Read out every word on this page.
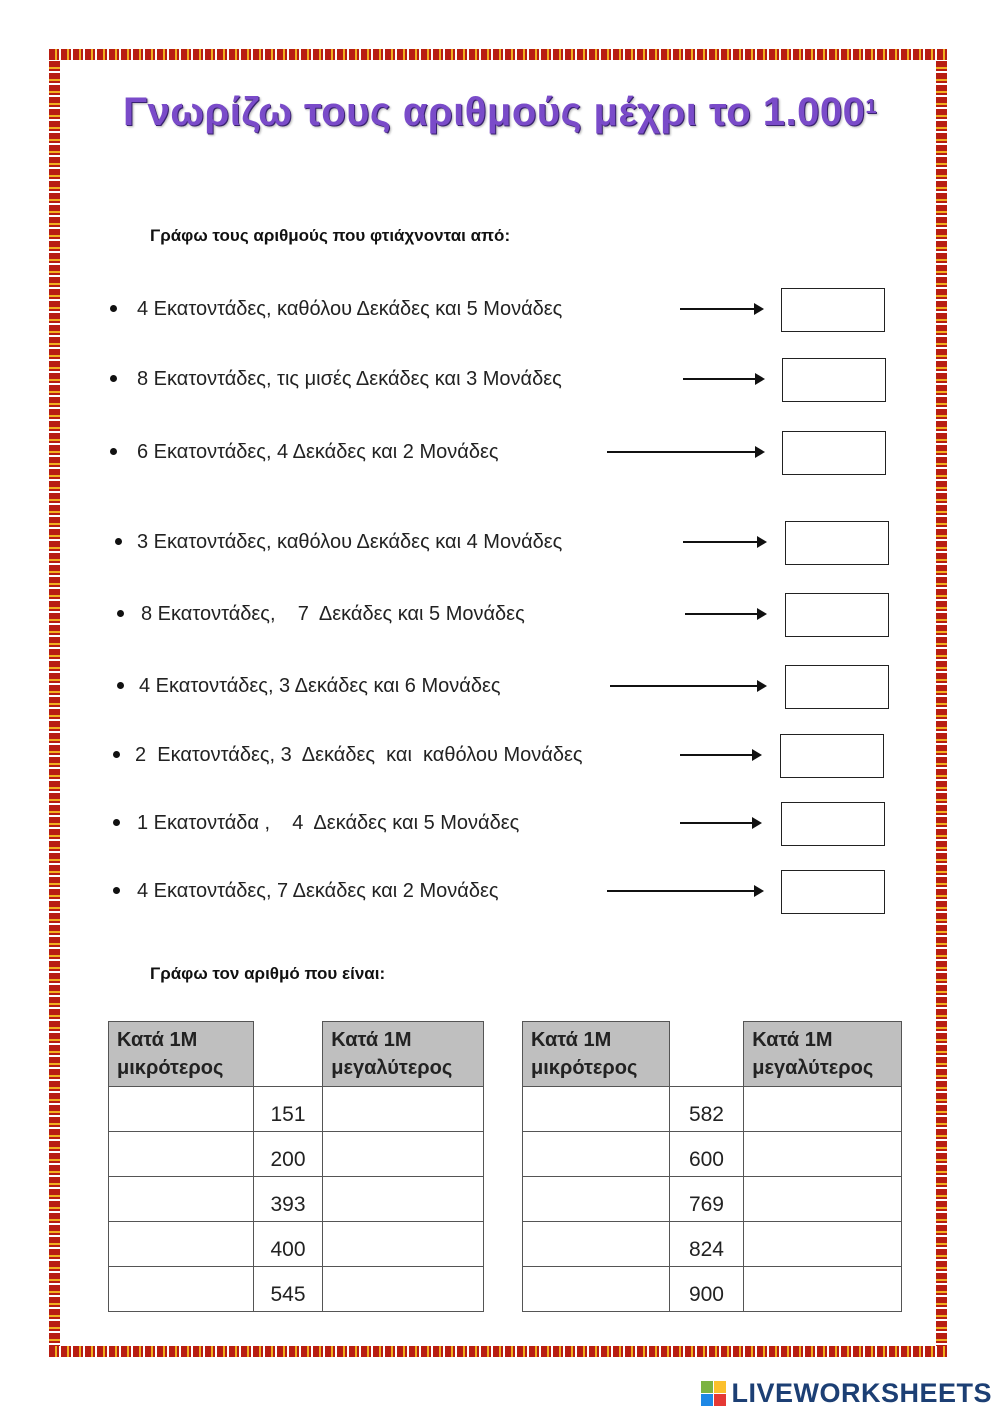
Γνωρίζω τους αριθμούς μέχρι το 1.000$^1$
Γράφω τους αριθμούς που φτιάχνονται από:
4 Εκατοντάδες, καθόλου Δεκάδες και 5 Μονάδες
8 Εκατοντάδες, τις μισές Δεκάδες και 3 Μονάδες
6 Εκατοντάδες, 4 Δεκάδες και 2 Μονάδες
3 Εκατοντάδες, καθόλου Δεκάδες και 4 Μονάδες
8 Εκατοντάδες,    7  Δεκάδες και 5 Μονάδες
4 Εκατοντάδες, 3 Δεκάδες και 6 Μονάδες
2  Εκατοντάδες, 3  Δεκάδες  και  καθόλου Μονάδες
1 Εκατοντάδα ,    4  Δεκάδες και 5 Μονάδες
4 Εκατοντάδες, 7 Δεκάδες και 2 Μονάδες
Γράφω τον αριθμό που είναι:
Κατά 1Μ μικρότερος		Κατά 1Μ μεγαλύτερος
	151	
	200	
	393	
	400	
	545	
Κατά 1Μ μικρότερος		Κατά 1Μ μεγαλύτερος
	582	
	600	
	769	
	824	
	900	
LIVEWORKSHEETS
